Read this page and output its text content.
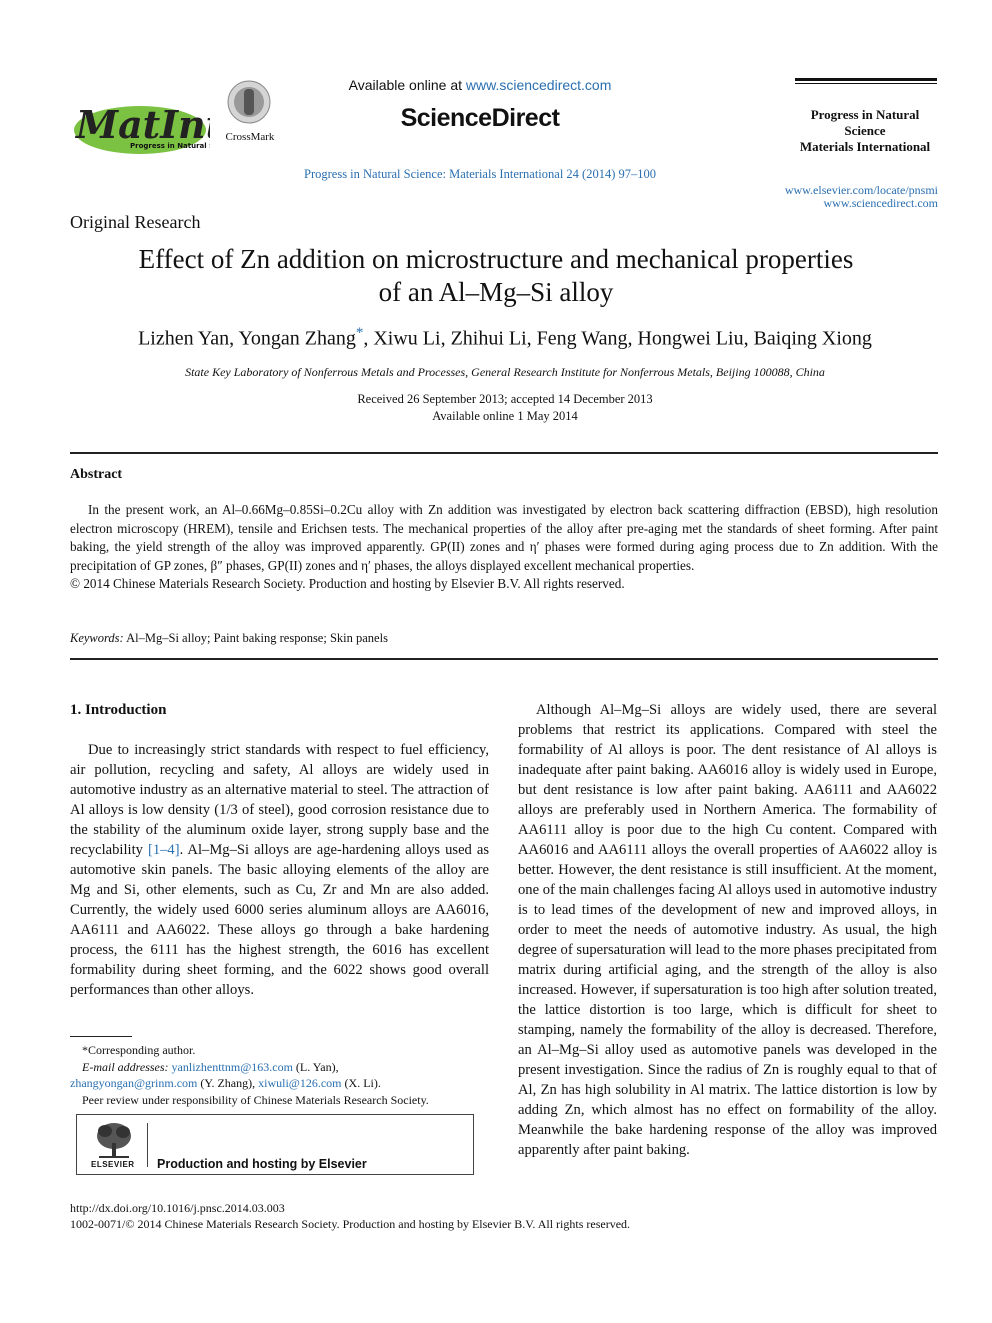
MatInt
Progress in Natural
CrossMark
Available online at www.sciencedirect.com
ScienceDirect
Progress in Natural Science: Materials International 24 (2014) 97–100
Progress in Natural
Science
Materials International
www.elsevier.com/locate/pnsmi
www.sciencedirect.com
Original Research
Effect of Zn addition on microstructure and mechanical properties
of an Al–Mg–Si alloy
Lizhen Yan, Yongan Zhang*, Xiwu Li, Zhihui Li, Feng Wang, Hongwei Liu, Baiqing Xiong
State Key Laboratory of Nonferrous Metals and Processes, General Research Institute for Nonferrous Metals, Beijing 100088, China
Received 26 September 2013; accepted 14 December 2013
Available online 1 May 2014
Abstract
In the present work, an Al–0.66Mg–0.85Si–0.2Cu alloy with Zn addition was investigated by electron back scattering diffraction (EBSD), high resolution electron microscopy (HREM), tensile and Erichsen tests. The mechanical properties of the alloy after pre-aging met the standards of sheet forming. After paint baking, the yield strength of the alloy was improved apparently. GP(II) zones and η′ phases were formed during aging process due to Zn addition. With the precipitation of GP zones, β″ phases, GP(II) zones and η′ phases, the alloys displayed excellent mechanical properties.
© 2014 Chinese Materials Research Society. Production and hosting by Elsevier B.V. All rights reserved.
Keywords: Al–Mg–Si alloy; Paint baking response; Skin panels
1. Introduction
Due to increasingly strict standards with respect to fuel efficiency, air pollution, recycling and safety, Al alloys are widely used in automotive industry as an alternative material to steel. The attraction of Al alloys is low density (1/3 of steel), good corrosion resistance due to the stability of the aluminum oxide layer, strong supply base and the recyclability [1–4]. Al–Mg–Si alloys are age-hardening alloys used as automotive skin panels. The basic alloying elements of the alloy are Mg and Si, other elements, such as Cu, Zr and Mn are also added. Currently, the widely used 6000 series aluminum alloys are AA6016, AA6111 and AA6022. These alloys go through a bake hardening process, the 6111 has the highest strength, the 6016 has excellent formability during sheet forming, and the 6022 shows good overall performances than other alloys.
Although Al–Mg–Si alloys are widely used, there are several problems that restrict its applications. Compared with steel the formability of Al alloys is poor. The dent resistance of Al alloys is inadequate after paint baking. AA6016 alloy is widely used in Europe, but dent resistance is low after paint baking. AA6111 and AA6022 alloys are preferably used in Northern America. The formability of AA6111 alloy is poor due to the high Cu content. Compared with AA6016 and AA6111 alloys the overall properties of AA6022 alloy is better. However, the dent resistance is still insufficient. At the moment, one of the main challenges facing Al alloys used in automotive industry is to lead times of the development of new and improved alloys, in order to meet the needs of automotive industry. As usual, the high degree of supersaturation will lead to the more phases precipitated from matrix during artificial aging, and the strength of the alloy is also increased. However, if supersaturation is too high after solution treated, the lattice distortion is too large, which is difficult for sheet to stamping, namely the formability of the alloy is decreased. Therefore, an Al–Mg–Si alloy used as automotive panels was developed in the present investigation. Since the radius of Zn is roughly equal to that of Al, Zn has high solubility in Al matrix. The lattice distortion is low by adding Zn, which almost has no effect on formability of the alloy. Meanwhile the bake hardening response of the alloy was improved apparently after paint baking.
*Corresponding author.
E-mail addresses: yanlizhenttnm@163.com (L. Yan),
zhangyongan@grinm.com (Y. Zhang), xiwuli@126.com (X. Li).
Peer review under responsibility of Chinese Materials Research Society.
ELSEVIER Production and hosting by Elsevier
http://dx.doi.org/10.1016/j.pnsc.2014.03.003
1002-0071/© 2014 Chinese Materials Research Society. Production and hosting by Elsevier B.V. All rights reserved.
